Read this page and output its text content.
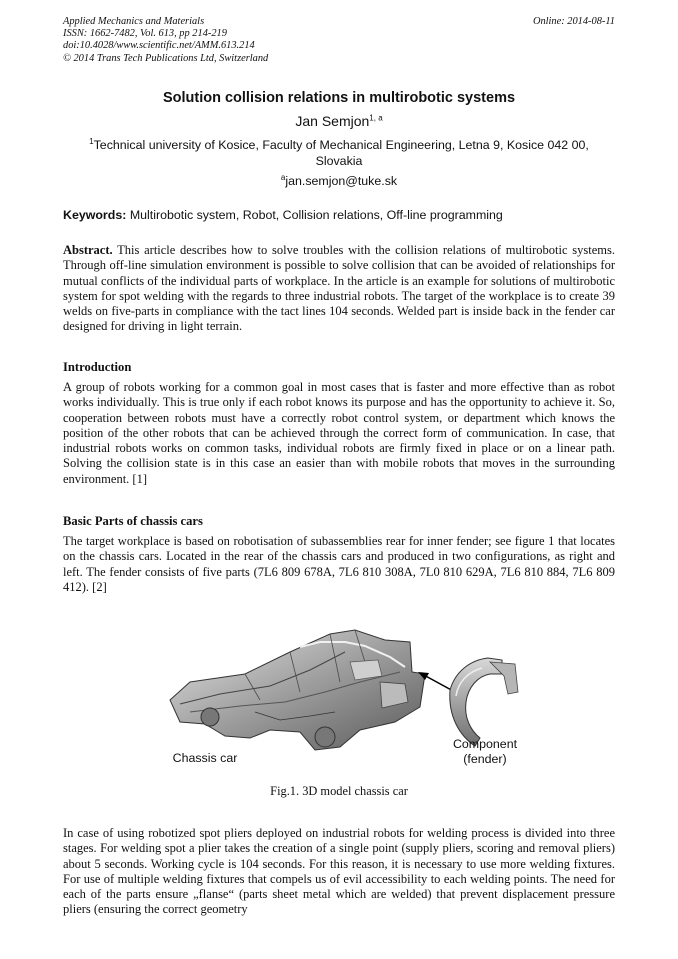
Applied Mechanics and Materials
ISSN: 1662-7482, Vol. 613, pp 214-219
doi:10.4028/www.scientific.net/AMM.613.214
© 2014 Trans Tech Publications Ltd, Switzerland
Online: 2014-08-11
Solution collision relations in multirobotic systems
Jan Semjon$^{1, a}$
$^1$Technical university of Kosice, Faculty of Mechanical Engineering, Letna 9, Kosice 042 00, Slovakia
$^a$jan.semjon@tuke.sk
Keywords: Multirobotic system, Robot, Collision relations, Off-line programming
Abstract. This article describes how to solve troubles with the collision relations of multirobotic systems. Through off-line simulation environment is possible to solve collision that can be avoided of relationships for mutual conflicts of the individual parts of workplace. In the article is an example for solutions of multirobotic system for spot welding with the regards to three industrial robots. The target of the workplace is to create 39 welds on five-parts in compliance with the tact lines 104 seconds. Welded part is inside back in the fender car designed for driving in light terrain.
Introduction
A group of robots working for a common goal in most cases that is faster and more effective than as robot works individually. This is true only if each robot knows its purpose and has the opportunity to achieve it. So, cooperation between robots must have a correctly robot control system, or department which knows the position of the other robots that can be achieved through the correct form of communication. In case, that industrial robots works on common tasks, individual robots are firmly fixed in place or on a linear path. Solving the collision state is in this case an easier than with mobile robots that moves in the surrounding environment. [1]
Basic Parts of chassis cars
The target workplace is based on robotisation of subassemblies rear for inner fender; see figure 1 that locates on the chassis cars. Located in the rear of the chassis cars and produced in two configurations, as right and left. The fender consists of five parts (7L6 809 678A, 7L6 810 308A, 7L0 810 629A, 7L6 810 884, 7L6 809 412). [2]
Chassis car
Component
(fender)
Fig.1. 3D model chassis car
In case of using robotized spot pliers deployed on industrial robots for welding process is divided into three stages. For welding spot a plier takes the creation of a single point (supply pliers, scoring and removal pliers) about 5 seconds. Working cycle is 104 seconds. For this reason, it is necessary to use more welding fixtures. For use of multiple welding fixtures that compels us of evil accessibility to each welding points. The need for each of the parts ensure „flanse“ (parts sheet metal which are welded) that prevent displacement pressure pliers (ensuring the correct geometry
